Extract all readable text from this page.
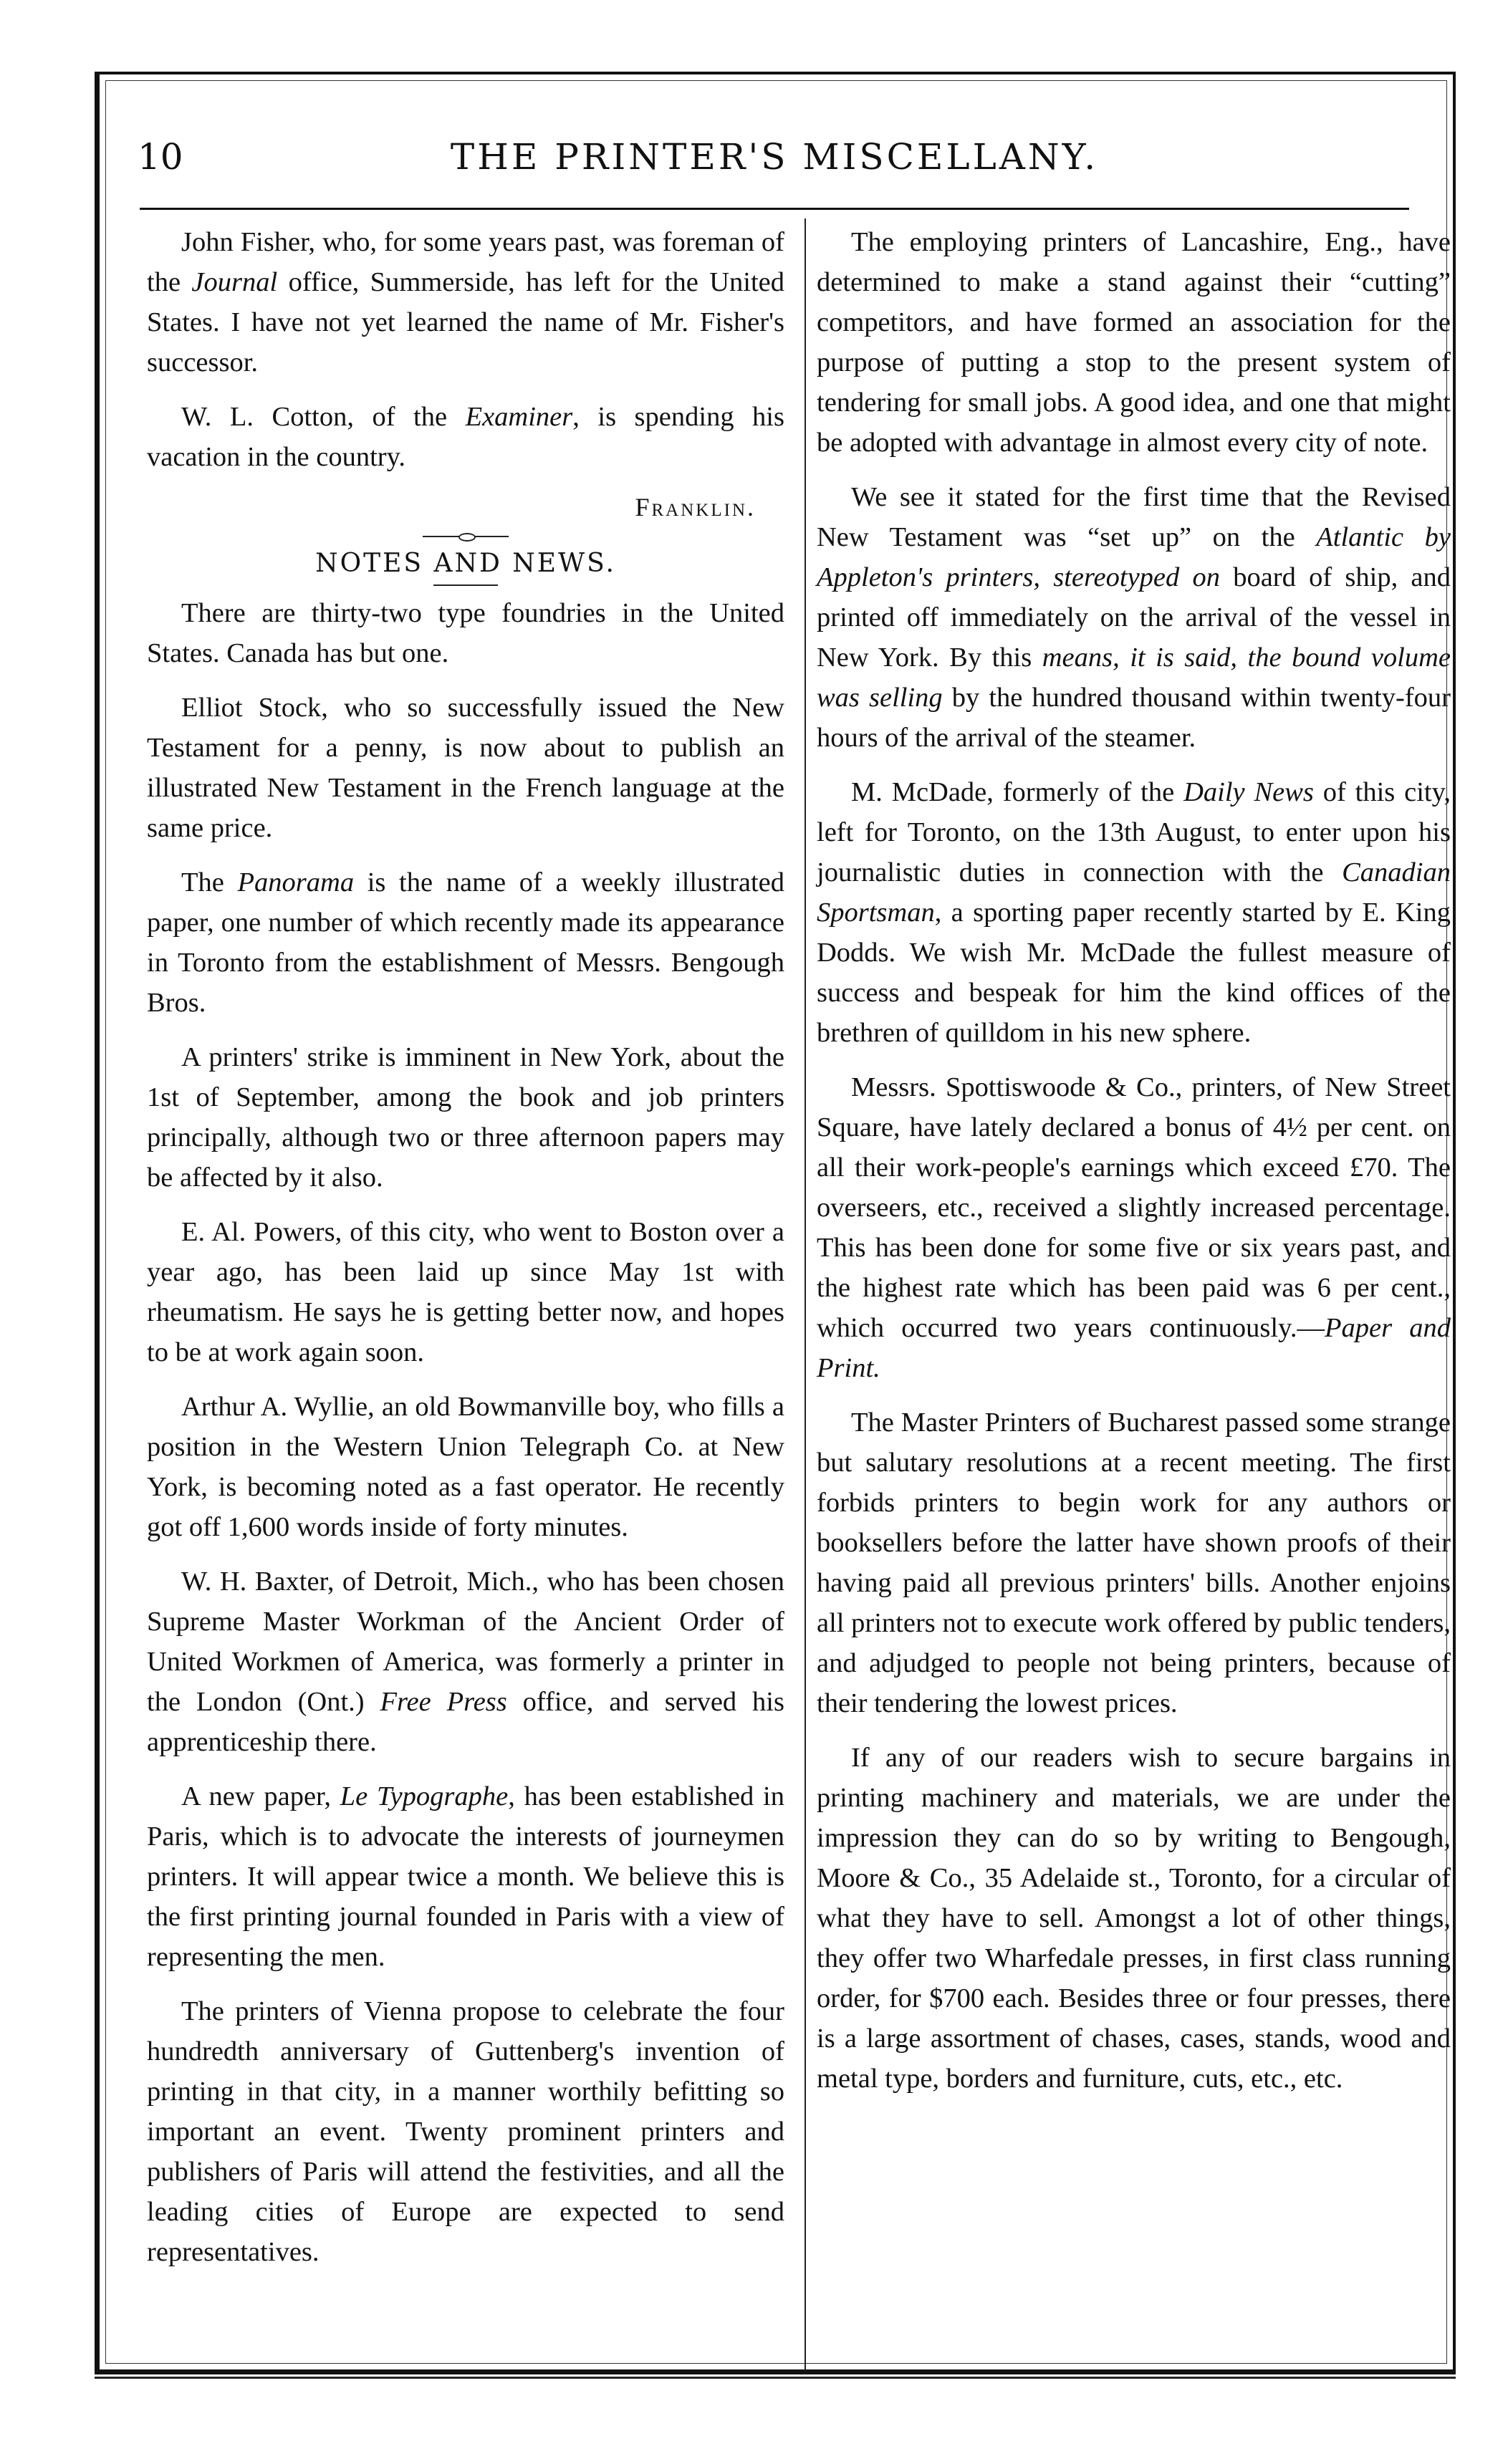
10	THE PRINTER'S MISCELLANY.

John Fisher, who, for some years past, was foreman of the Journal office, Summerside, has left for the United States. I have not yet learned the name of Mr. Fisher's successor.

W. L. Cotton, of the Examiner, is spending his vacation in the country.

Franklin.
NOTES AND NEWS.

There are thirty-two type foundries in the United States. Canada has but one.

Elliot Stock, who so successfully issued the New Testament for a penny, is now about to publish an illustrated New Testament in the French language at the same price.

The Panorama is the name of a weekly illustrated paper, one number of which recently made its appearance in Toronto from the establishment of Messrs. Bengough Bros.

A printers' strike is imminent in New York, about the 1st of September, among the book and job printers principally, although two or three afternoon papers may be affected by it also.

E. Al. Powers, of this city, who went to Boston over a year ago, has been laid up since May 1st with rheumatism. He says he is getting better now, and hopes to be at work again soon.

Arthur A. Wyllie, an old Bowmanville boy, who fills a position in the Western Union Telegraph Co. at New York, is becoming noted as a fast operator. He recently got off 1,600 words inside of forty minutes.

W. H. Baxter, of Detroit, Mich., who has been chosen Supreme Master Workman of the Ancient Order of United Workmen of America, was formerly a printer in the London (Ont.) Free Press office, and served his apprenticeship there.

A new paper, Le Typographe, has been established in Paris, which is to advocate the interests of journeymen printers. It will appear twice a month. We believe this is the first printing journal founded in Paris with a view of representing the men.

The printers of Vienna propose to celebrate the four hundredth anniversary of Guttenberg's invention of printing in that city, in a manner worthily befitting so important an event. Twenty prominent printers and publishers of Paris will attend the festivities, and all the leading cities of Europe are expected to send representatives.

The employing printers of Lancashire, Eng., have determined to make a stand against their “cutting” competitors, and have formed an association for the purpose of putting a stop to the present system of tendering for small jobs. A good idea, and one that might be adopted with advantage in almost every city of note.

We see it stated for the first time that the Revised New Testament was “set up” on the Atlantic by Appleton's printers, stereotyped on board of ship, and printed off immediately on the arrival of the vessel in New York. By this means, it is said, the bound volume was selling by the hundred thousand within twenty-four hours of the arrival of the steamer.

M. McDade, formerly of the Daily News of this city, left for Toronto, on the 13th August, to enter upon his journalistic duties in connection with the Canadian Sportsman, a sporting paper recently started by E. King Dodds. We wish Mr. McDade the fullest measure of success and bespeak for him the kind offices of the brethren of quilldom in his new sphere.

Messrs. Spottiswoode & Co., printers, of New Street Square, have lately declared a bonus of 4½ per cent. on all their work-people's earnings which exceed £70. The overseers, etc., received a slightly increased percentage. This has been done for some five or six years past, and the highest rate which has been paid was 6 per cent., which occurred two years continuously.—Paper and Print.

The Master Printers of Bucharest passed some strange but salutary resolutions at a recent meeting. The first forbids printers to begin work for any authors or booksellers before the latter have shown proofs of their having paid all previous printers' bills. Another enjoins all printers not to execute work offered by public tenders, and adjudged to people not being printers, because of their tendering the lowest prices.

If any of our readers wish to secure bargains in printing machinery and materials, we are under the impression they can do so by writing to Bengough, Moore & Co., 35 Adelaide st., Toronto, for a circular of what they have to sell. Amongst a lot of other things, they offer two Wharfedale presses, in first class running order, for $700 each. Besides three or four presses, there is a large assortment of chases, cases, stands, wood and metal type, borders and furniture, cuts, etc., etc.
